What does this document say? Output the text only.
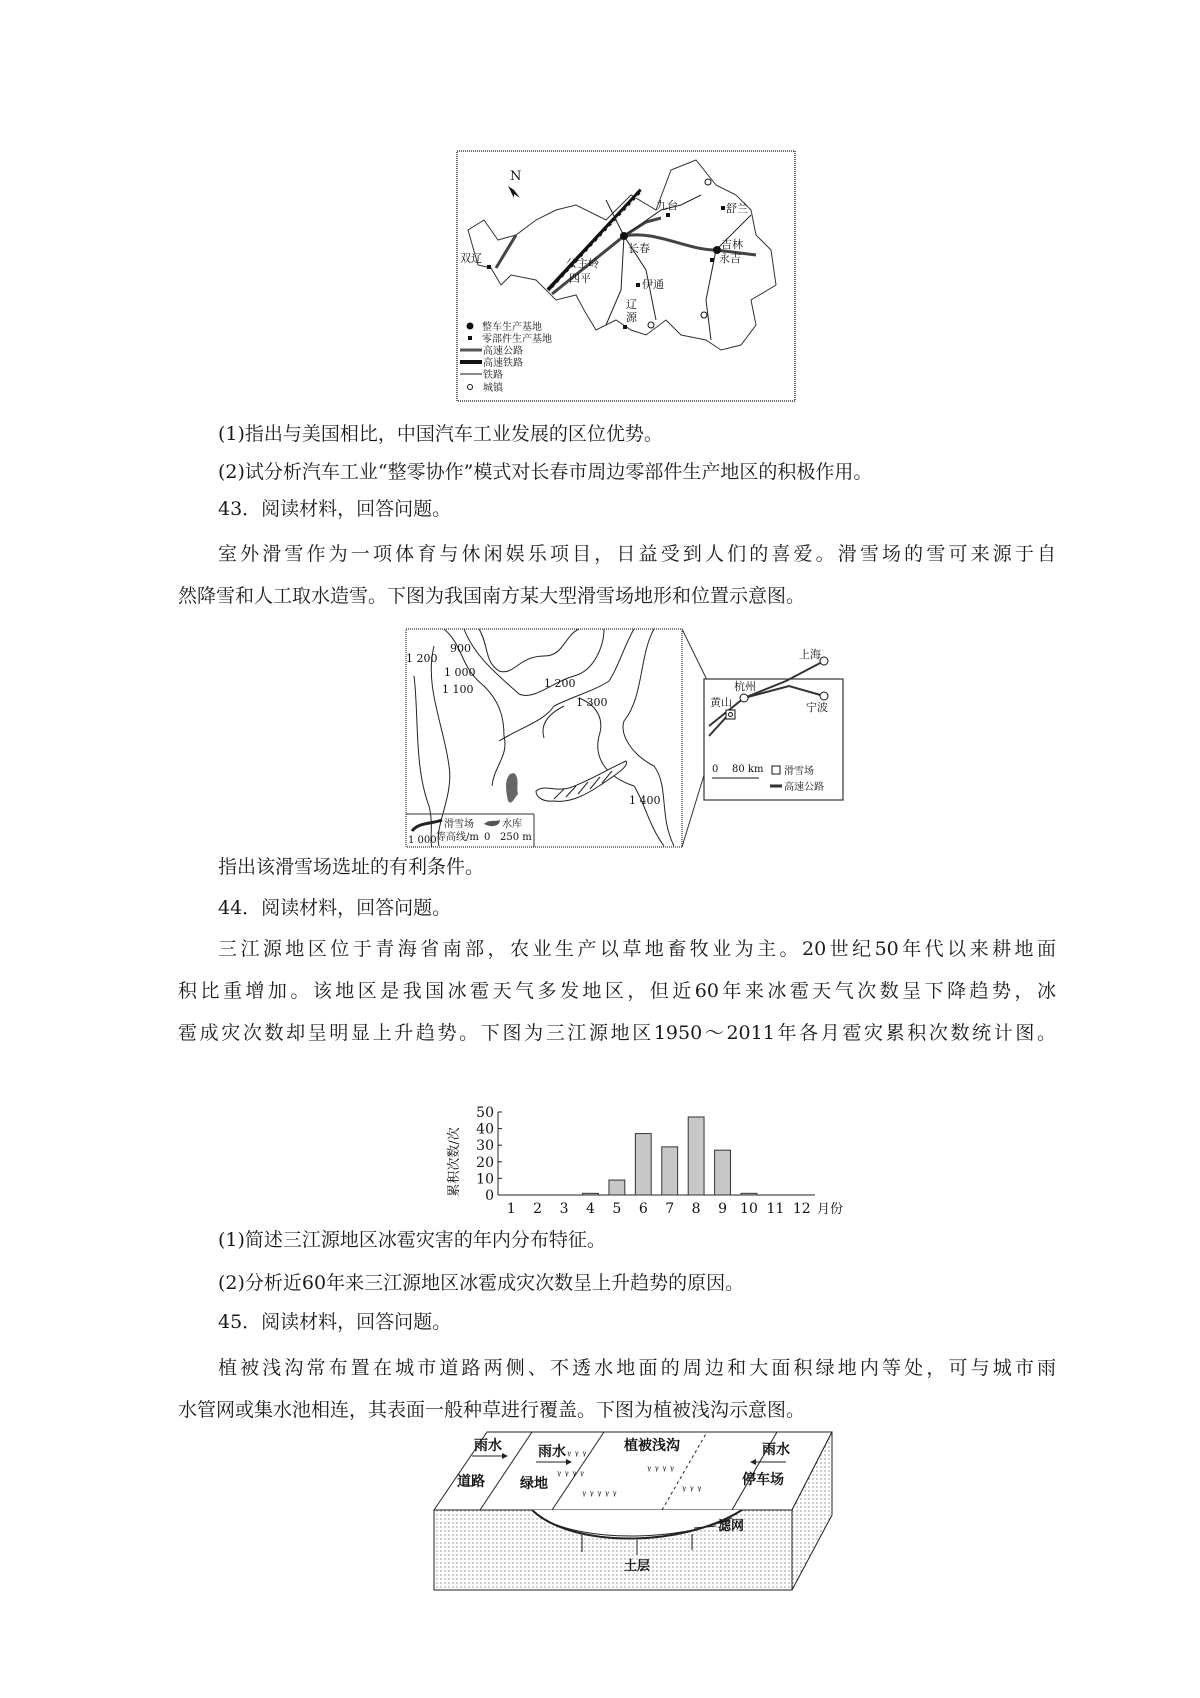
N
九台	舒兰
双辽
长春	吉林
永吉
公主岭
四平	伊通
辽
源
整车生产基地
零部件生产基地
高速公路
高速铁路
铁路
城镇
(1)指出与美国相比，中国汽车工业发展的区位优势。
(2)试分析汽车工业“整零协作”模式对长春市周边零部件生产地区的积极作用。
43．阅读材料，回答问题。
室外滑雪作为一项体育与休闲娱乐项目，日益受到人们的喜爱。滑雪场的雪可来源于自
然降雪和人工取水造雪。下图为我国南方某大型滑雪场地形和位置示意图。
900
1 000
1 100
1 200
1 200
1 300
1 400
滑雪场	水库
1 000 等高线/m 0 250 m
上海
杭州
宁波
黄山
0 80 km 滑雪场
高速公路
指出该滑雪场选址的有利条件。
44．阅读材料，回答问题。
三江源地区位于青海省南部，农业生产以草地畜牧业为主。20世纪50年代以来耕地面
积比重增加。该地区是我国冰雹天气多发地区，但近60年来冰雹天气次数呈下降趋势，冰
雹成灾次数却呈明显上升趋势。下图为三江源地区1950～2011年各月雹灾累积次数统计图。
累积次数/次 0
10
20
30
40
50
1 2 3 4 5 6 7 8 9 10 11 12 月份
(1)简述三江源地区冰雹灾害的年内分布特征。
(2)分析近60年来三江源地区冰雹成灾次数呈上升趋势的原因。
45．阅读材料，回答问题。
植被浅沟常布置在城市道路两侧、不透水地面的周边和大面积绿地内等处，可与城市雨
水管网或集水池相连，其表面一般种草进行覆盖。下图为植被浅沟示意图。
ᵧ ᵧ ᵧ
ᵧ ᵧ ᵧ ᵧ
ᵧ ᵧ ᵧ ᵧ ᵧ
ᵧ ᵧ ᵧ ᵧ
ᵧ ᵧ ᵧ
雨水
道路
雨水
绿地
植被浅沟	雨水
停车场
滤网
土层
